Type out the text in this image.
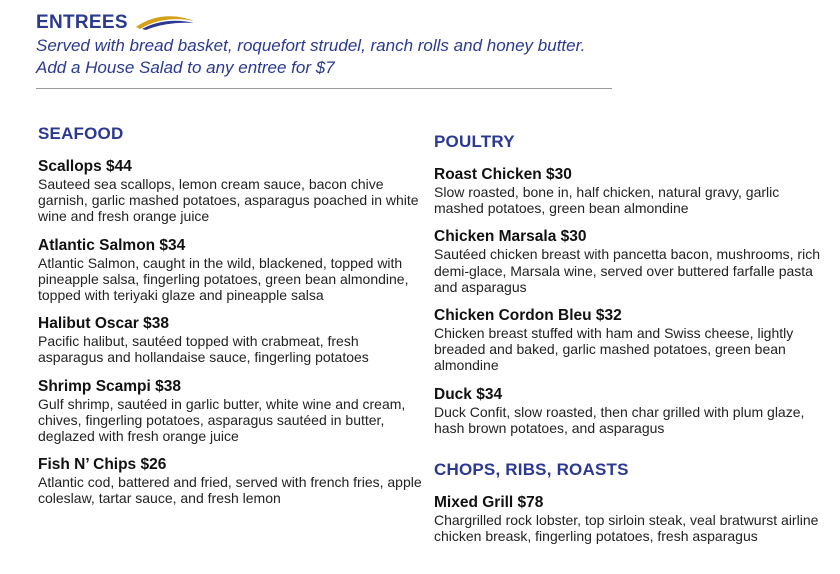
ENTREES
Served with bread basket, roquefort strudel, ranch rolls and honey butter.
Add a House Salad to any entree for $7
SEAFOOD
Scallops $44
Sauteed sea scallops, lemon cream sauce, bacon chive garnish, garlic mashed potatoes, asparagus poached in white wine and fresh orange juice
Atlantic Salmon $34
Atlantic Salmon, caught in the wild, blackened, topped with pineapple salsa, fingerling potatoes, green bean almondine, topped with teriyaki glaze and pineapple salsa
Halibut Oscar $38
Pacific halibut, sautéed topped with crabmeat, fresh asparagus and hollandaise sauce, fingerling potatoes
Shrimp Scampi $38
Gulf shrimp, sautéed in garlic butter, white wine and cream, chives, fingerling potatoes, asparagus sautéed in butter, deglazed with fresh orange juice
Fish N’ Chips $26
Atlantic cod, battered and fried, served with french fries, apple coleslaw, tartar sauce, and fresh lemon
POULTRY
Roast Chicken $30
Slow roasted, bone in, half chicken, natural gravy, garlic mashed potatoes, green bean almondine
Chicken Marsala $30
Sautéed chicken breast with pancetta bacon, mushrooms, rich demi-glace, Marsala wine, served over buttered farfalle pasta and asparagus
Chicken Cordon Bleu $32
Chicken breast stuffed with ham and Swiss cheese, lightly breaded and baked, garlic mashed potatoes, green bean almondine
Duck $34
Duck Confit, slow roasted, then char grilled with plum glaze, hash brown potatoes, and asparagus
CHOPS, RIBS, ROASTS
Mixed Grill $78
Chargrilled rock lobster, top sirloin steak, veal bratwurst airline chicken breask, fingerling potatoes, fresh asparagus
